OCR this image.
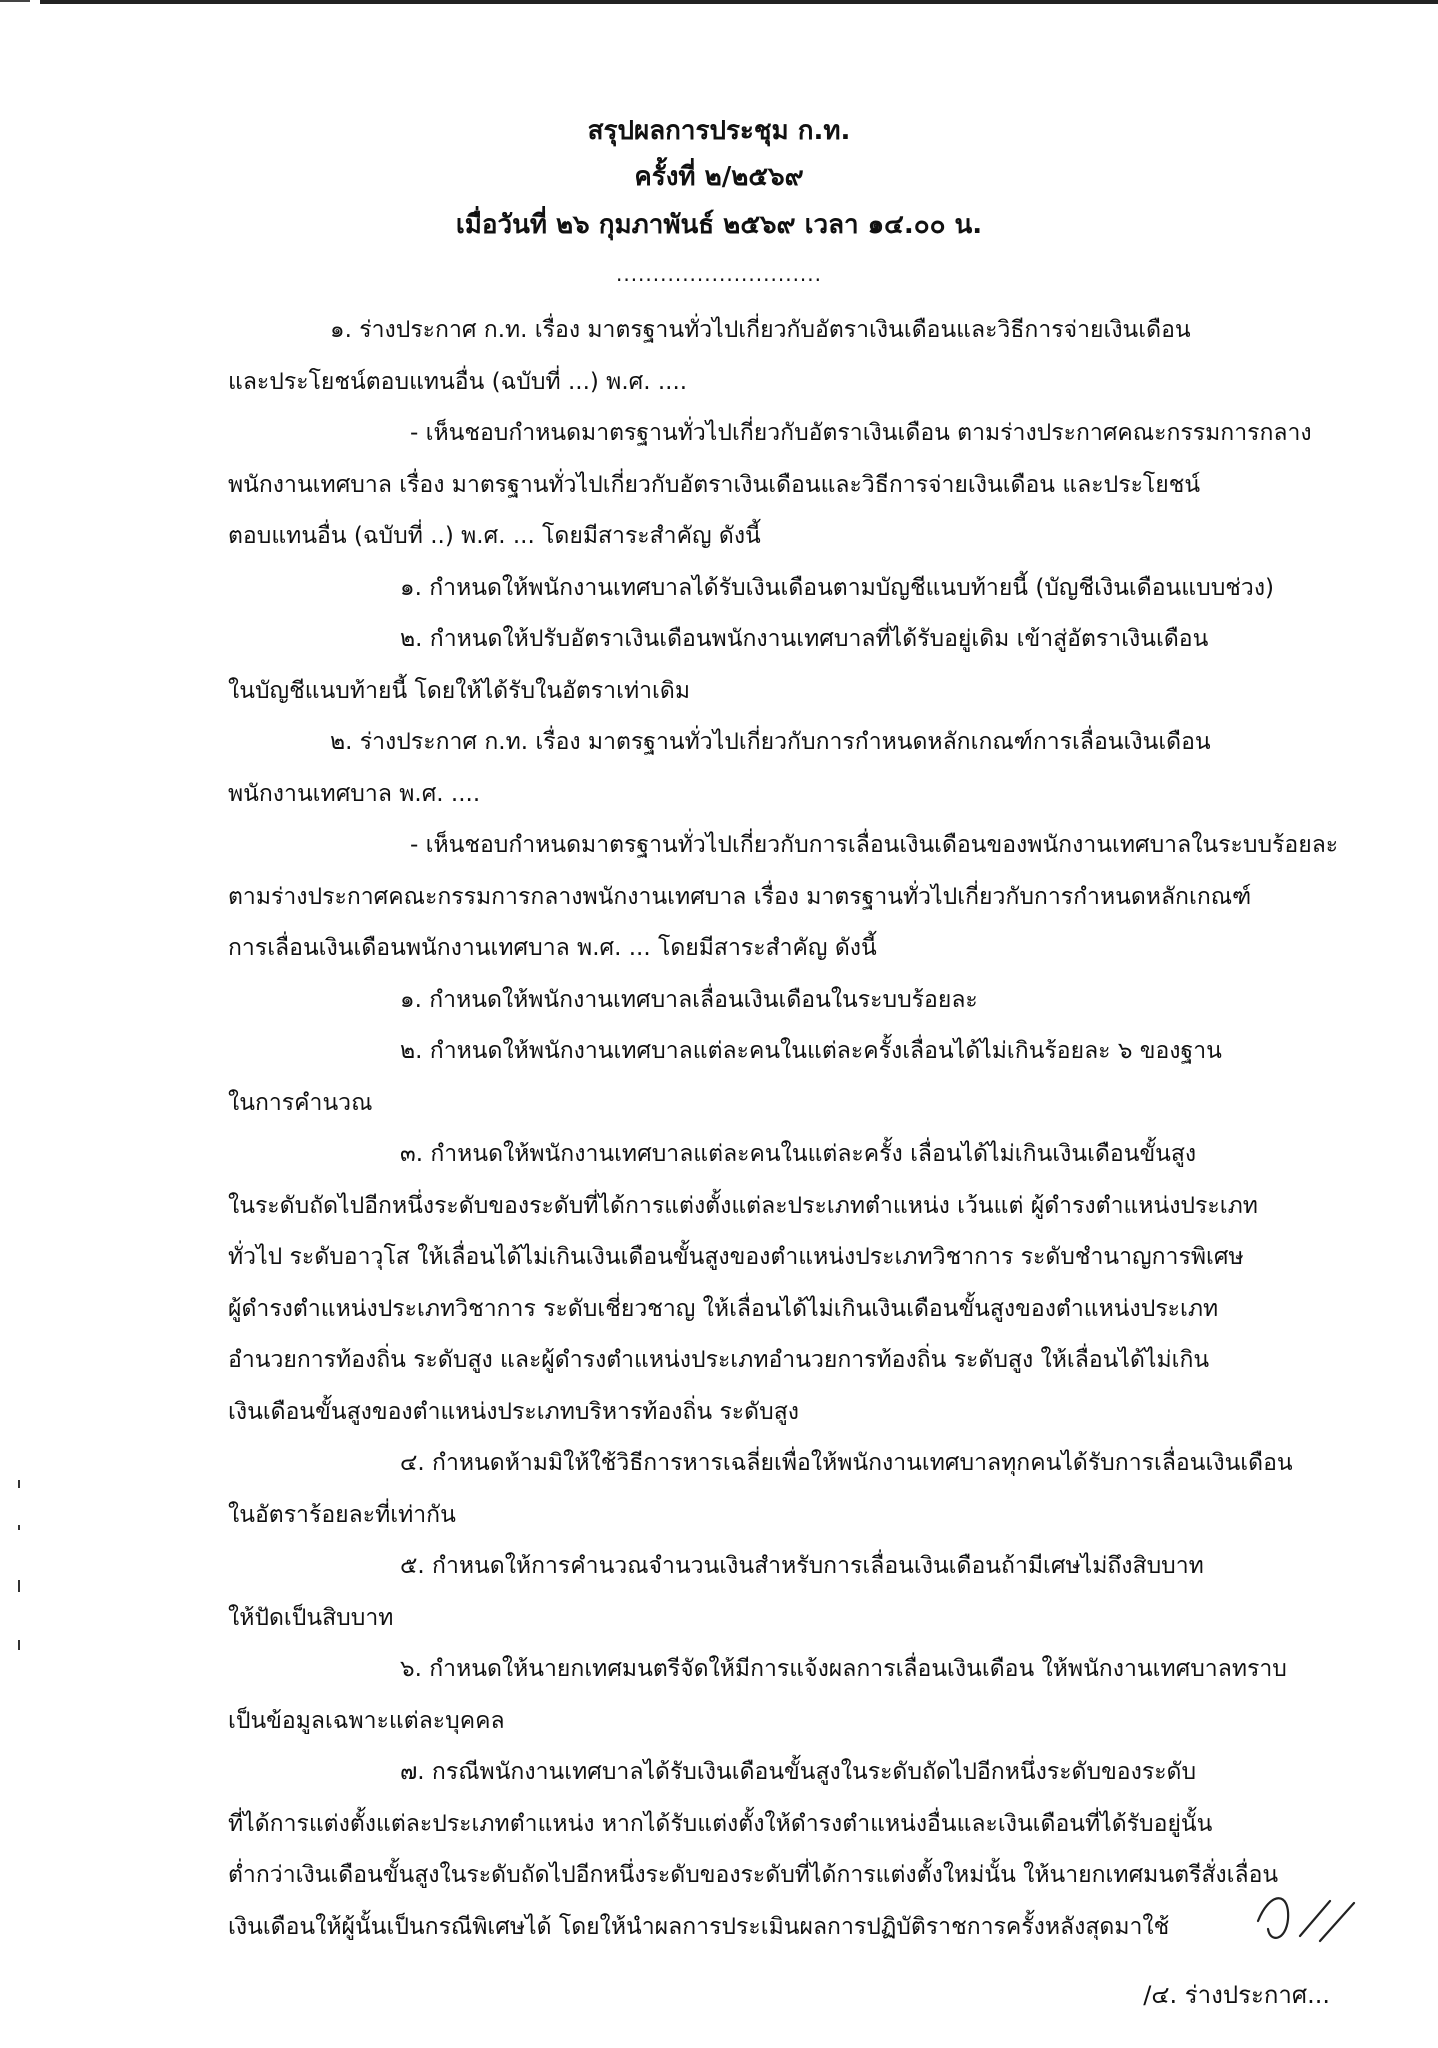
สรุปผลการประชุม ก.ท.
ครั้งที่ ๒/๒๕๖๙
เมื่อวันที่ ๒๖ กุมภาพันธ์ ๒๕๖๙ เวลา ๑๔.๐๐ น.
............................
๑. ร่างประกาศ ก.ท. เรื่อง มาตรฐานทั่วไปเกี่ยวกับอัตราเงินเดือนและวิธีการจ่ายเงินเดือน
และประโยชน์ตอบแทนอื่น (ฉบับที่ ...) พ.ศ. ....
- เห็นชอบกำหนดมาตรฐานทั่วไปเกี่ยวกับอัตราเงินเดือน ตามร่างประกาศคณะกรรมการกลาง
พนักงานเทศบาล เรื่อง มาตรฐานทั่วไปเกี่ยวกับอัตราเงินเดือนและวิธีการจ่ายเงินเดือน และประโยชน์
ตอบแทนอื่น (ฉบับที่ ..) พ.ศ. ... โดยมีสาระสำคัญ ดังนี้
๑. กำหนดให้พนักงานเทศบาลได้รับเงินเดือนตามบัญชีแนบท้ายนี้ (บัญชีเงินเดือนแบบช่วง)
๒. กำหนดให้ปรับอัตราเงินเดือนพนักงานเทศบาลที่ได้รับอยู่เดิม เข้าสู่อัตราเงินเดือน
ในบัญชีแนบท้ายนี้ โดยให้ได้รับในอัตราเท่าเดิม
๒. ร่างประกาศ ก.ท. เรื่อง มาตรฐานทั่วไปเกี่ยวกับการกำหนดหลักเกณฑ์การเลื่อนเงินเดือน
พนักงานเทศบาล พ.ศ. ....
- เห็นชอบกำหนดมาตรฐานทั่วไปเกี่ยวกับการเลื่อนเงินเดือนของพนักงานเทศบาลในระบบร้อยละ
ตามร่างประกาศคณะกรรมการกลางพนักงานเทศบาล เรื่อง มาตรฐานทั่วไปเกี่ยวกับการกำหนดหลักเกณฑ์
การเลื่อนเงินเดือนพนักงานเทศบาล พ.ศ. ... โดยมีสาระสำคัญ ดังนี้
๑. กำหนดให้พนักงานเทศบาลเลื่อนเงินเดือนในระบบร้อยละ
๒. กำหนดให้พนักงานเทศบาลแต่ละคนในแต่ละครั้งเลื่อนได้ไม่เกินร้อยละ ๖ ของฐาน
ในการคำนวณ
๓. กำหนดให้พนักงานเทศบาลแต่ละคนในแต่ละครั้ง เลื่อนได้ไม่เกินเงินเดือนขั้นสูง
ในระดับถัดไปอีกหนึ่งระดับของระดับที่ได้การแต่งตั้งแต่ละประเภทตำแหน่ง เว้นแต่ ผู้ดำรงตำแหน่งประเภท
ทั่วไป ระดับอาวุโส ให้เลื่อนได้ไม่เกินเงินเดือนขั้นสูงของตำแหน่งประเภทวิชาการ ระดับชำนาญการพิเศษ
ผู้ดำรงตำแหน่งประเภทวิชาการ ระดับเชี่ยวชาญ ให้เลื่อนได้ไม่เกินเงินเดือนขั้นสูงของตำแหน่งประเภท
อำนวยการท้องถิ่น ระดับสูง และผู้ดำรงตำแหน่งประเภทอำนวยการท้องถิ่น ระดับสูง ให้เลื่อนได้ไม่เกิน
เงินเดือนขั้นสูงของตำแหน่งประเภทบริหารท้องถิ่น ระดับสูง
๔. กำหนดห้ามมิให้ใช้วิธีการหารเฉลี่ยเพื่อให้พนักงานเทศบาลทุกคนได้รับการเลื่อนเงินเดือน
ในอัตราร้อยละที่เท่ากัน
๕. กำหนดให้การคำนวณจำนวนเงินสำหรับการเลื่อนเงินเดือนถ้ามีเศษไม่ถึงสิบบาท
ให้ปัดเป็นสิบบาท
๖. กำหนดให้นายกเทศมนตรีจัดให้มีการแจ้งผลการเลื่อนเงินเดือน ให้พนักงานเทศบาลทราบ
เป็นข้อมูลเฉพาะแต่ละบุคคล
๗. กรณีพนักงานเทศบาลได้รับเงินเดือนขั้นสูงในระดับถัดไปอีกหนึ่งระดับของระดับ
ที่ได้การแต่งตั้งแต่ละประเภทตำแหน่ง หากได้รับแต่งตั้งให้ดำรงตำแหน่งอื่นและเงินเดือนที่ได้รับอยู่นั้น
ต่ำกว่าเงินเดือนขั้นสูงในระดับถัดไปอีกหนึ่งระดับของระดับที่ได้การแต่งตั้งใหม่นั้น ให้นายกเทศมนตรีสั่งเลื่อน
เงินเดือนให้ผู้นั้นเป็นกรณีพิเศษได้ โดยให้นำผลการประเมินผลการปฏิบัติราชการครั้งหลังสุดมาใช้
/๔. ร่างประกาศ...
